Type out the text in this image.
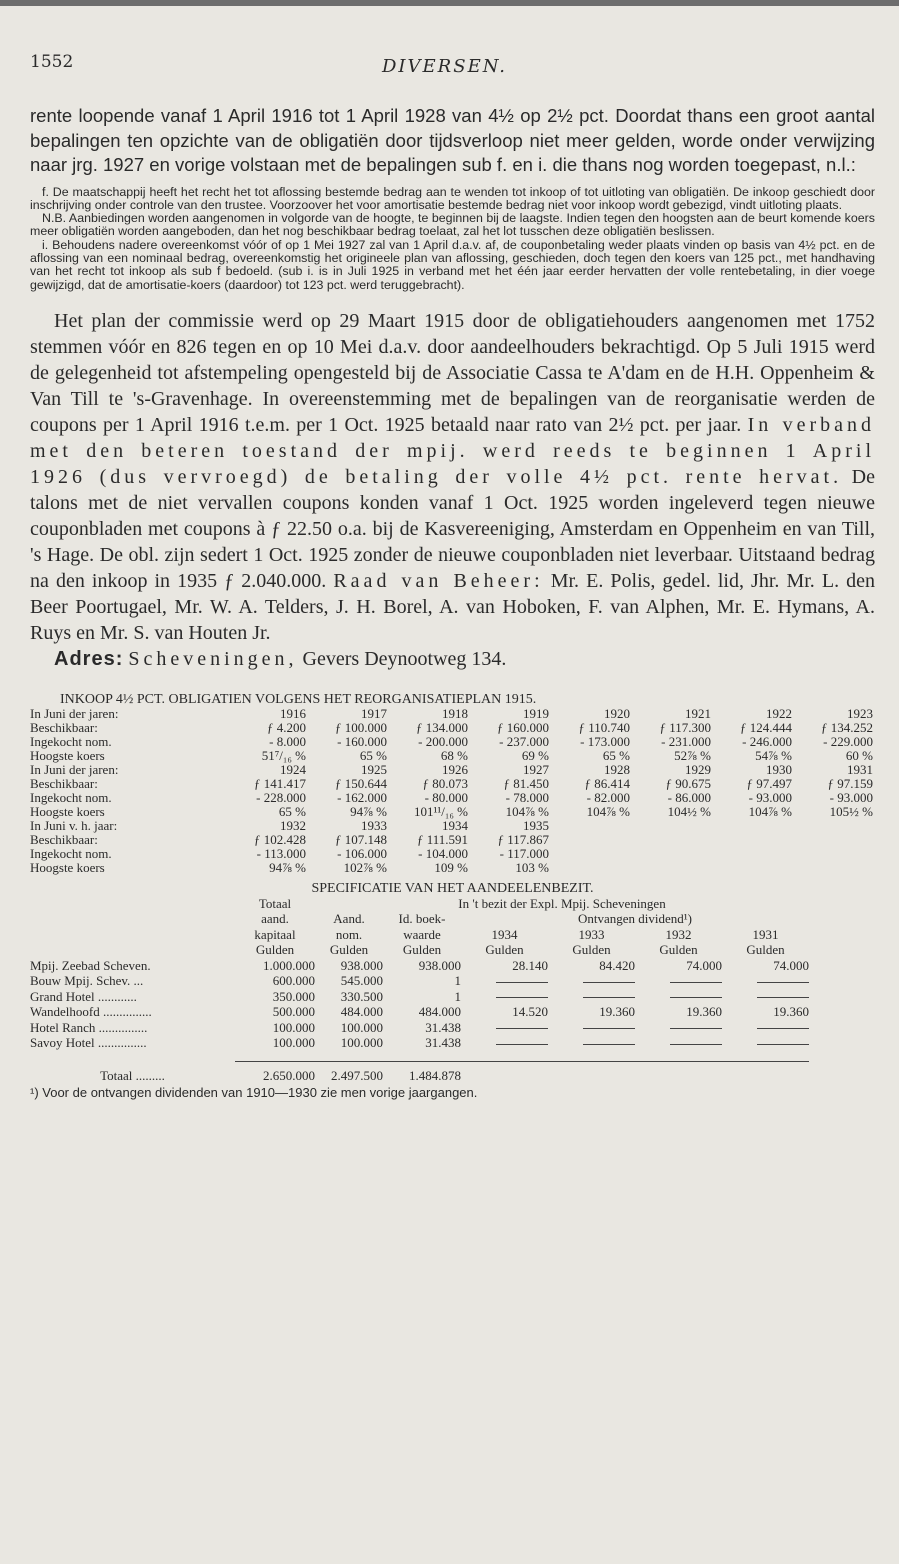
1552	DIVERSEN.

rente loopende vanaf 1 April 1916 tot 1 April 1928 van 4½ op 2½ pct. Doordat thans een groot aantal bepalingen ten opzichte van de obligatiën door tijdsverloop niet meer gelden, worde onder verwijzing naar jrg. 1927 en vorige volstaan met de bepalingen sub f. en i. die thans nog worden toegepast, n.l.:

f. De maatschappij heeft het recht het tot aflossing bestemde bedrag aan te wenden tot inkoop of tot uitloting van obligatiën. De inkoop geschiedt door inschrijving onder controle van den trustee. Voorzoover het voor amortisatie bestemde bedrag niet voor inkoop wordt gebezigd, vindt uitloting plaats.

N.B. Aanbiedingen worden aangenomen in volgorde van de hoogte, te beginnen bij de laagste. Indien tegen den hoogsten aan de beurt komende koers meer obligatiën worden aangeboden, dan het nog beschikbaar bedrag toelaat, zal het lot tusschen deze obligatiën beslissen.

i. Behoudens nadere overeenkomst vóór of op 1 Mei 1927 zal van 1 April d.a.v. af, de couponbetaling weder plaats vinden op basis van 4½ pct. en de aflossing van een nominaal bedrag, overeenkomstig het origineele plan van aflossing, geschieden, doch tegen den koers van 125 pct., met handhaving van het recht tot inkoop als sub f bedoeld. (sub i. is in Juli 1925 in verband met het één jaar eerder hervatten der volle rentebetaling, in dier voege gewijzigd, dat de amortisatie-koers (daardoor) tot 123 pct. werd teruggebracht).

Het plan der commissie werd op 29 Maart 1915 door de obligatiehouders aangenomen met 1752 stemmen vóór en 826 tegen en op 10 Mei d.a.v. door aandeelhouders bekrachtigd. Op 5 Juli 1915 werd de gelegenheid tot afstempeling opengesteld bij de Associatie Cassa te A'dam en de H.H. Oppenheim & Van Till te 's-Gravenhage. In overeenstemming met de bepalingen van de reorganisatie werden de coupons per 1 April 1916 t.e.m. per 1 Oct. 1925 betaald naar rato van 2½ pct. per jaar. In verband met den beteren toestand der mpij. werd reeds te beginnen 1 April 1926 (dus vervroegd) de betaling der volle 4½ pct. rente hervat. De talons met de niet vervallen coupons konden vanaf 1 Oct. 1925 worden ingeleverd tegen nieuwe couponbladen met coupons à ƒ 22.50 o.a. bij de Kasvereeniging, Amsterdam en Oppenheim en van Till, 's Hage. De obl. zijn sedert 1 Oct. 1925 zonder de nieuwe couponbladen niet leverbaar. Uitstaand bedrag na den inkoop in 1935 ƒ 2.040.000. Raad van Beheer: Mr. E. Polis, gedel. lid, Jhr. Mr. L. den Beer Poortugael, Mr. W. A. Telders, J. H. Borel, A. van Hoboken, F. van Alphen, Mr. E. Hymans, A. Ruys en Mr. S. van Houten Jr.

Adres: Scheveningen, Gevers Deynootweg 134.
INKOOP 4½ PCT. OBLIGATIEN VOLGENS HET REORGANISATIEPLAN 1915.
In Juni der jaren:	1916	1917	1918	1919	1920	1921	1922	1923
Beschikbaar:	ƒ 4.200	ƒ 100.000	ƒ 134.000	ƒ 160.000	ƒ 110.740	ƒ 117.300	ƒ 124.444	ƒ 134.252
Ingekocht nom.	- 8.000	- 160.000	- 200.000	- 237.000	- 173.000	- 231.000	- 246.000	- 229.000
Hoogste koers	51⁷/₁₆ %	65 %	68 %	69 %	65 %	52⅞ %	54⅞ %	60 %
In Juni der jaren:	1924	1925	1926	1927	1928	1929	1930	1931
Beschikbaar:	ƒ 141.417	ƒ 150.644	ƒ 80.073	ƒ 81.450	ƒ 86.414	ƒ 90.675	ƒ 97.497	ƒ 97.159
Ingekocht nom.	- 228.000	- 162.000	- 80.000	- 78.000	- 82.000	- 86.000	- 93.000	- 93.000
Hoogste koers	65 %	94⅞ %	101¹¹/₁₆ %	104⅞ %	104⅞ %	104½ %	104⅞ %	105½ %
In Juni v. h. jaar:	1932	1933	1934	1935				
Beschikbaar:	ƒ 102.428	ƒ 107.148	ƒ 111.591	ƒ 117.867				
Ingekocht nom.	- 113.000	- 106.000	- 104.000	- 117.000				
Hoogste koers	94⅞ %	102⅞ %	109 %	103 %				
SPECIFICATIE VAN HET AANDEELENBEZIT.
	Totaal	In 't bezit der Expl. Mpij. Scheveningen					
	aand.	Aand.	Id. boek-	Ontvangen dividend¹)			
	kapitaal	nom.	waarde	1934	1933	1932	1931
	Gulden	Gulden	Gulden	Gulden	Gulden	Gulden	Gulden
Mpij. Zeebad Scheven.	1.000.000	938.000	938.000	28.140	84.420	74.000	74.000
Bouw Mpij. Schev. ...	600.000	545.000	1				
Grand Hotel ............	350.000	330.500	1				
Wandelhoofd ...............	500.000	484.000	484.000	14.520	19.360	19.360	19.360
Hotel Ranch ...............	100.000	100.000	31.438				
Savoy Hotel ...............	100.000	100.000	31.438				

Totaal .........	2.650.000	2.497.500	1.484.878				
¹) Voor de ontvangen dividenden van 1910—1930 zie men vorige jaargangen.
